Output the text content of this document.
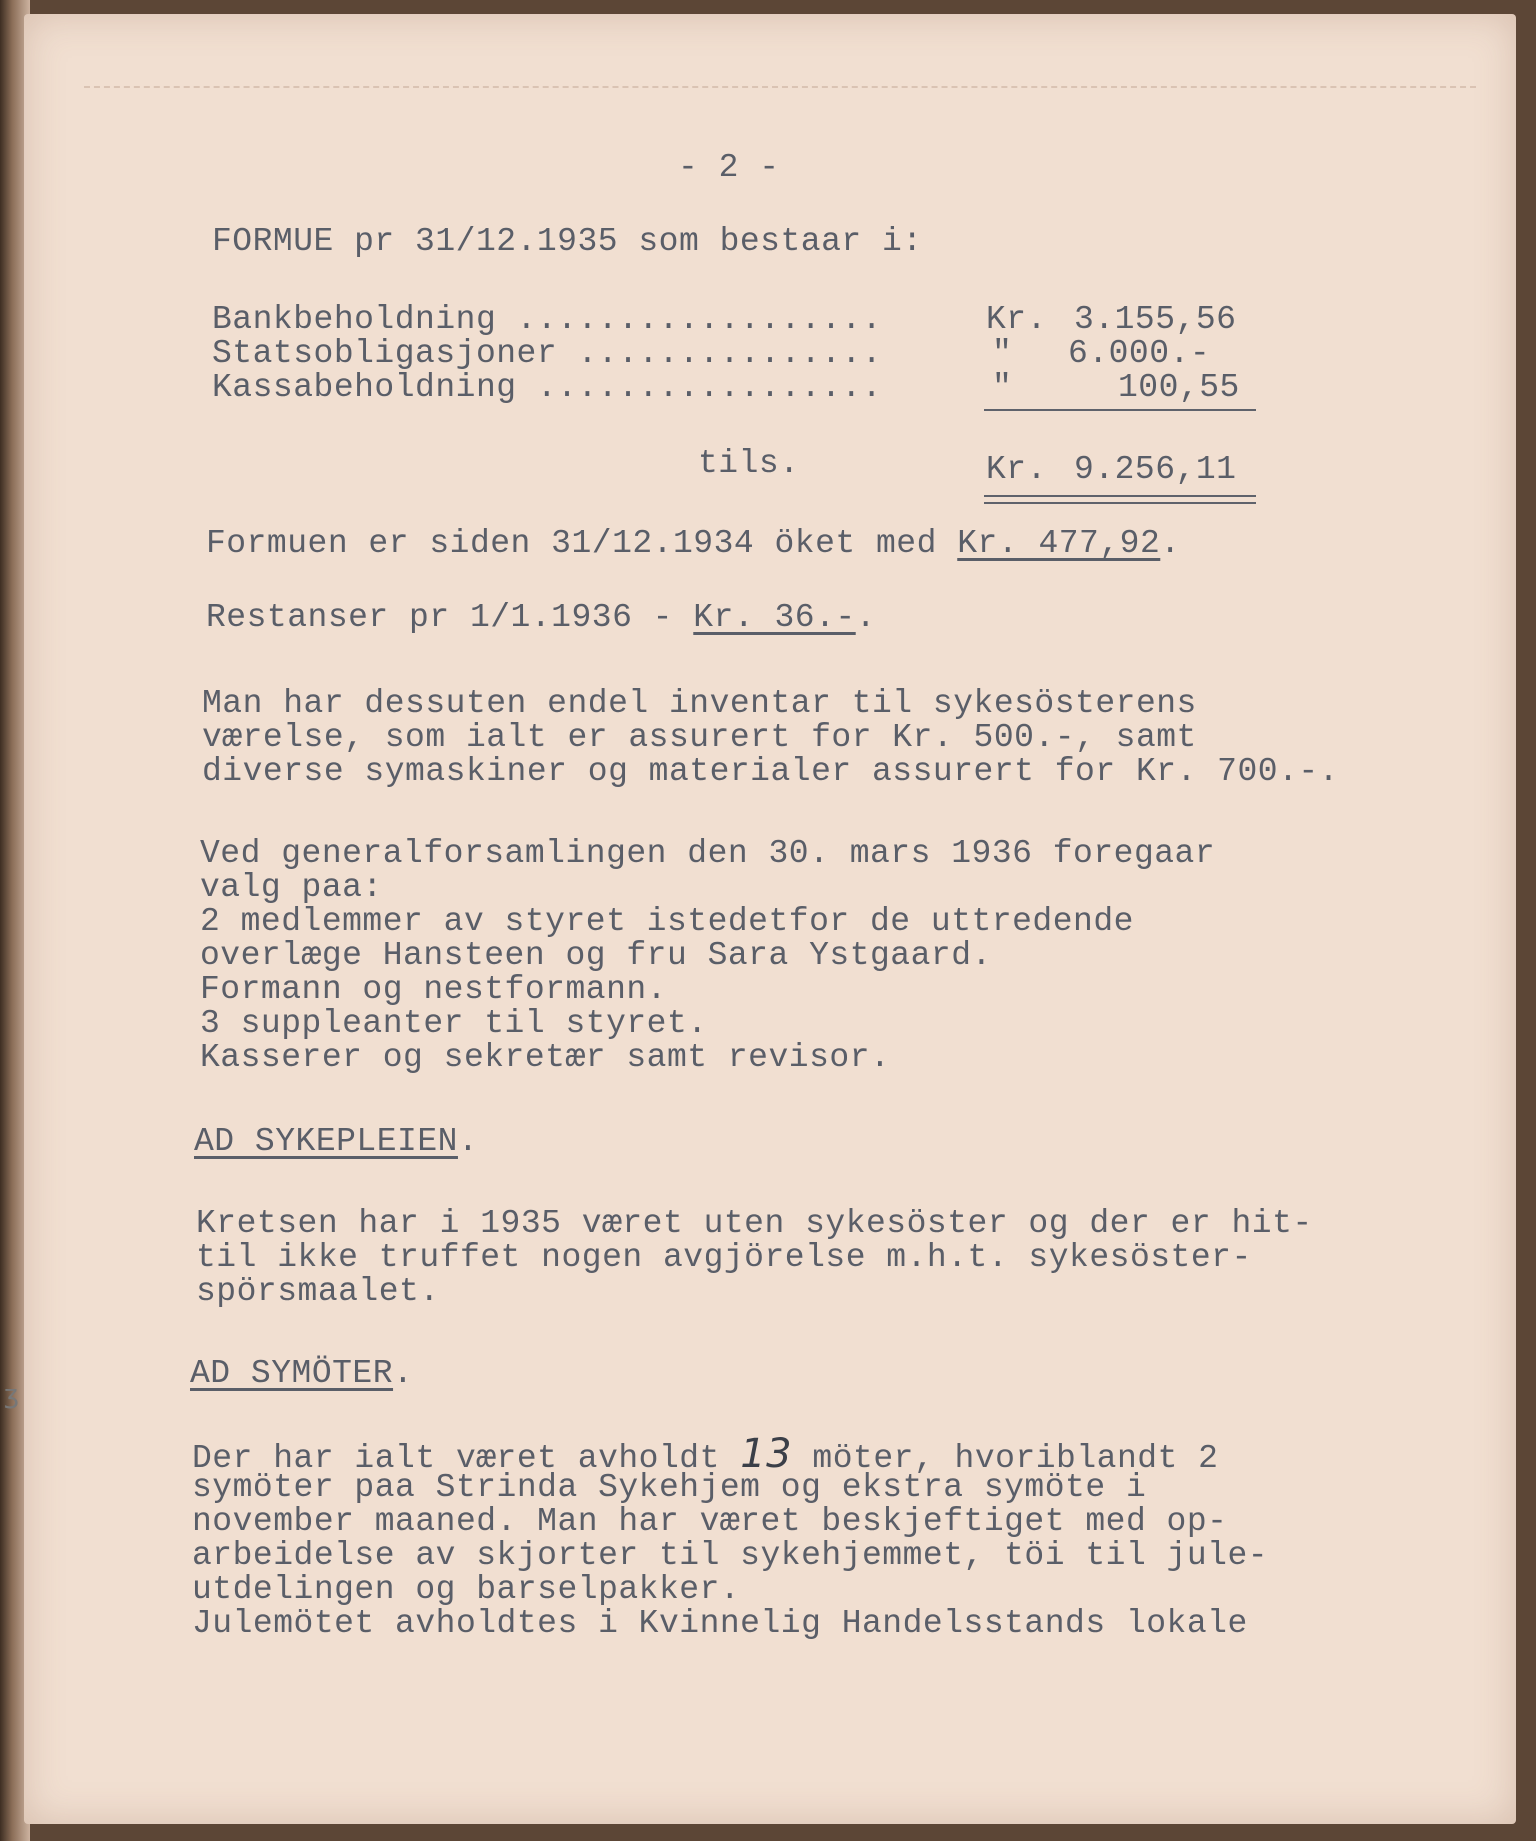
ʒ
- 2 -
FORMUE pr 31/12.1935 som bestaar i:
Bankbeholdning ..................	Kr. 3.155,56
Statsobligasjoner ...............	" 6.000.-
Kassabeholdning .................	"	100,55
tils.	Kr. 9.256,11
Formuen er siden 31/12.1934 öket med Kr. 477,92.
Restanser pr 1/1.1936 - Kr. 36.-.
Man har dessuten endel inventar til sykesösterens
værelse, som ialt er assurert for Kr. 500.-, samt
diverse symaskiner og materialer assurert for Kr. 700.-.
Ved generalforsamlingen den 30. mars 1936 foregaar
valg paa:
2 medlemmer av styret istedetfor de uttredende
overlæge Hansteen og fru Sara Ystgaard.
Formann og nestformann.
3 suppleanter til styret.
Kasserer og sekretær samt revisor.
AD SYKEPLEIEN.
Kretsen har i 1935 været uten sykesöster og der er hit-
til ikke truffet nogen avgjörelse m.h.t. sykesöster-
spörsmaalet.
AD SYMÖTER.
Der har ialt været avholdt 13 möter, hvoriblandt 2
symöter paa Strinda Sykehjem og ekstra symöte i
november maaned. Man har været beskjeftiget med op-
arbeidelse av skjorter til sykehjemmet, töi til jule-
utdelingen og barselpakker.
Julemötet avholdtes i Kvinnelig Handelsstands lokale
